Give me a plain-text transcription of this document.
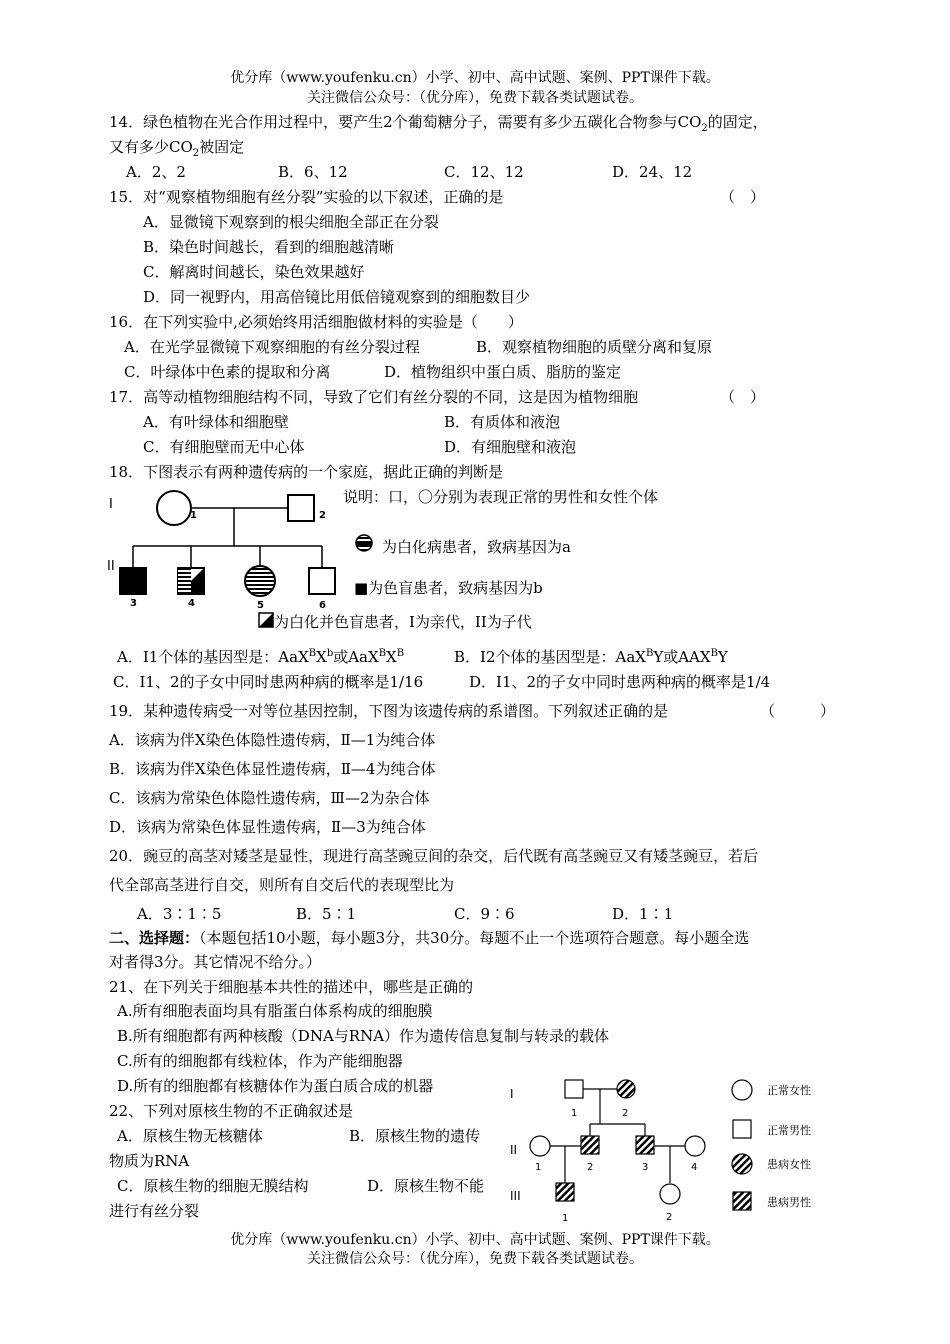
优分库（www.youfenku.cn）小学、初中、高中试题、案例、PPT课件下载。
关注微信公众号：（优分库），免费下载各类试题试卷。
14．绿色植物在光合作用过程中，要产生2个葡萄糖分子，需要有多少五碳化合物参与$CO_2$的固定，
又有多少$CO_2$被固定
A．2、2	B．6、12	C．12、12	D．24、12
15．对“观察植物细胞有丝分裂”实验的以下叙述，正确的是	（　）
A．显微镜下观察到的根尖细胞全部正在分裂
B．染色时间越长，看到的细胞越清晰
C．解离时间越长，染色效果越好
D．同一视野内，用高倍镜比用低倍镜观察到的细胞数目少
16．在下列实验中,必须始终用活细胞做材料的实验是（　　）
A．在光学显微镜下观察细胞的有丝分裂过程	B．观察植物细胞的质壁分离和复原
C．叶绿体中色素的提取和分离	D．植物组织中蛋白质、脂肪的鉴定
17．高等动植物细胞结构不同，导致了它们有丝分裂的不同，这是因为植物细胞	（　）
A．有叶绿体和细胞壁	B．有质体和液泡
C．有细胞壁而无中心体	D．有细胞壁和液泡
18．下图表示有两种遗传病的一个家庭，据此正确的判断是
I
II
1	2
3	4	5	6
说明：口，〇分别为表现正常的男性和女性个体
为白化病患者，致病基因为a
■为色盲患者，致病基因为b
为白化并色盲患者，I为亲代，II为子代
A．I1个体的基因型是：$AaX^BX^b$或$AaX^BX^B$	B．I2个体的基因型是：AaX$^B$Y或$AAX^BY$
C．I1、2的子女中同时患两种病的概率是1/16	D．I1、2的子女中同时患两种病的概率是1/4
19．某种遗传病受一对等位基因控制，下图为该遗传病的系谱图。下列叙述正确的是	（　　　）
A．该病为伴X染色体隐性遗传病，Ⅱ—1为纯合体
B．该病为伴X染色体显性遗传病，Ⅱ—4为纯合体
C．该病为常染色体隐性遗传病，Ⅲ—2为杂合体
D．该病为常染色体显性遗传病，Ⅱ—3为纯合体
20．豌豆的高茎对矮茎是显性，现进行高茎豌豆间的杂交，后代既有高茎豌豆又有矮茎豌豆，若后
代全部高茎进行自交，则所有自交后代的表现型比为
A．3∶1∶5	B．5∶1	C．9∶6	D．1∶1
二、选择题：（本题包括10小题，每小题3分，共30分。每题不止一个选项符合题意。每小题全选
对者得3分。其它情况不给分。）
21、在下列关于细胞基本共性的描述中，哪些是正确的
A.所有细胞表面均具有脂蛋白体系构成的细胞膜
B.所有细胞都有两种核酸（DNA与RNA）作为遗传信息复制与转录的载体
C.所有的细胞都有线粒体，作为产能细胞器
D.所有的细胞都有核糖体作为蛋白质合成的机器
22、下列对原核生物的不正确叙述是
A．原核生物无核糖体	B．原核生物的遗传
物质为RNA
C．原核生物的细胞无膜结构	D．原核生物不能
进行有丝分裂
I
II
III
1	2
1	2	3	4
1	2
正常女性
正常男性
患病女性
患病男性
优分库（www.youfenku.cn）小学、初中、高中试题、案例、PPT课件下载。
关注微信公众号：（优分库），免费下载各类试题试卷。
